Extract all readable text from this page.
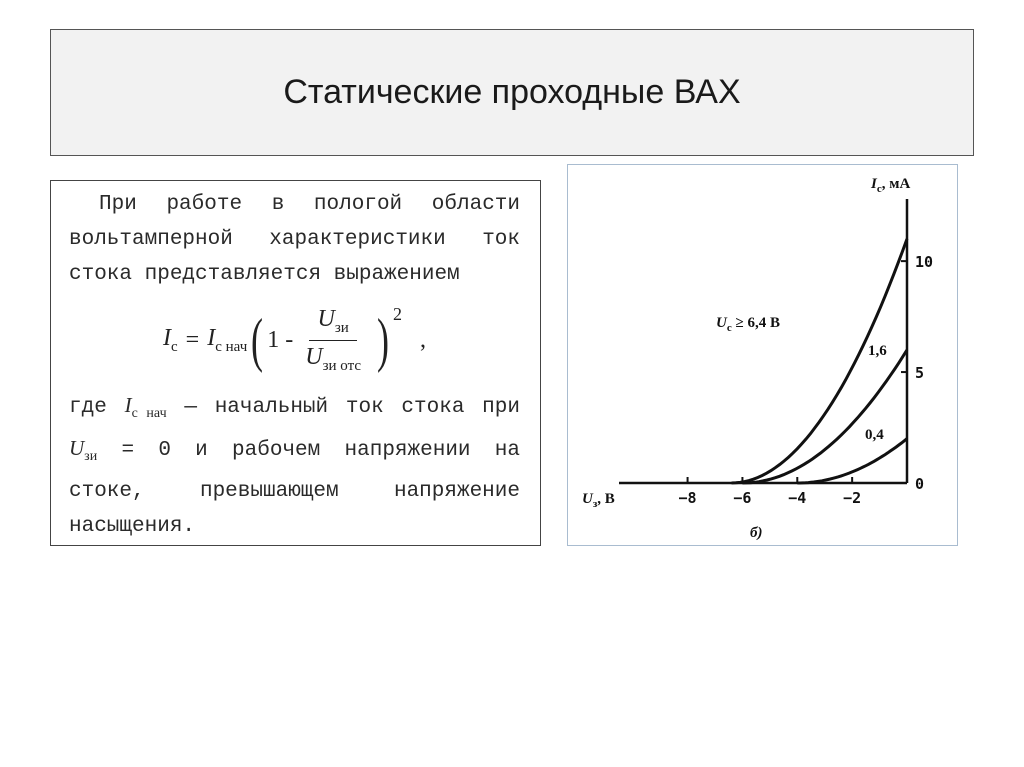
Статические проходные ВАХ
При работе в пологой области вольтамперной характеристики ток стока представляется выражением
$I_с = I_{с нач}$ ( $1 - \frac{U_{зи}}{U_{зи отс}}$ ) 2
,
где $I_{с нач}$ — начальный ток стока при $U_{зи} = 0$ и рабочем напряжении на стоке, превышающем напряжение насыщения.
−8 −6 −4 −2
0
5
10
$I_с$, мА
$U_з$, В
$U_с \ge 6,4$ В
1,6
0,4
б)
